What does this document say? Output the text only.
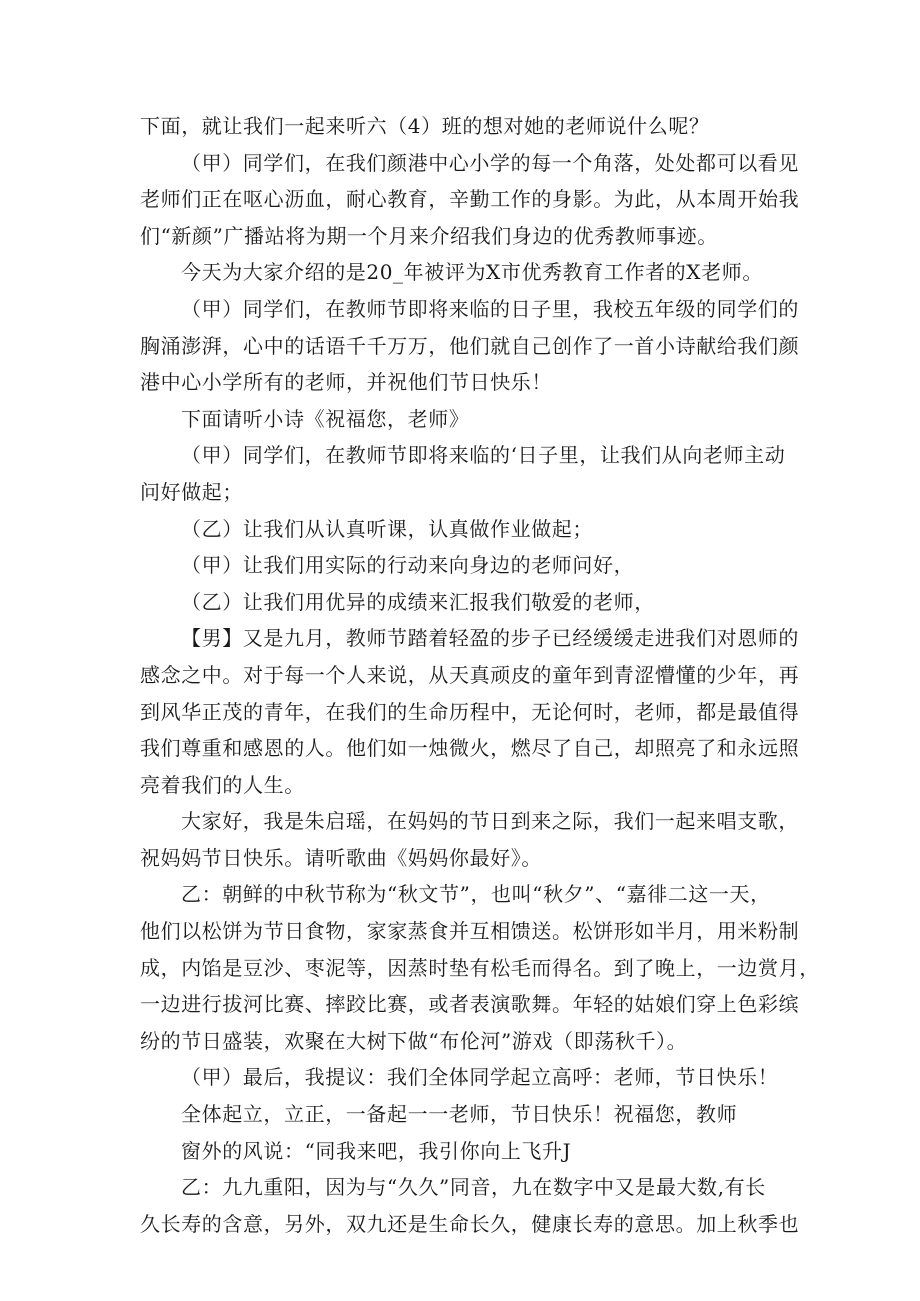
下面，就让我们一起来听六（4）班的想对她的老师说什么呢？
（甲）同学们，在我们颜港中心小学的每一个角落，处处都可以看见
老师们正在呕心沥血，耐心教育，辛勤工作的身影。为此，从本周开始我
们“新颜”广播站将为期一个月来介绍我们身边的优秀教师事迹。
今天为大家介绍的是20_年被评为X市优秀教育工作者的X老师。
（甲）同学们，在教师节即将来临的日子里，我校五年级的同学们的
胸涌澎湃，心中的话语千千万万，他们就自己创作了一首小诗献给我们颜
港中心小学所有的老师，并祝他们节日快乐！
下面请听小诗《祝福您，老师》
（甲）同学们，在教师节即将来临的‘日子里，让我们从向老师主动
问好做起；
（乙）让我们从认真听课，认真做作业做起；
（甲）让我们用实际的行动来向身边的老师问好，
（乙）让我们用优异的成绩来汇报我们敬爱的老师，
【男】又是九月，教师节踏着轻盈的步子已经缓缓走进我们对恩师的
感念之中。对于每一个人来说，从天真顽皮的童年到青涩懵懂的少年，再
到风华正茂的青年，在我们的生命历程中，无论何时，老师，都是最值得
我们尊重和感恩的人。他们如一烛微火，燃尽了自己，却照亮了和永远照
亮着我们的人生。
大家好，我是朱启瑶，在妈妈的节日到来之际，我们一起来唱支歌，
祝妈妈节日快乐。请听歌曲《妈妈你最好》。
乙：朝鲜的中秋节称为“秋文节”，也叫“秋夕”、“嘉徘二这一天，
他们以松饼为节日食物，家家蒸食并互相馈送。松饼形如半月，用米粉制
成，内馅是豆沙、枣泥等，因蒸时垫有松毛而得名。到了晚上，一边赏月，
一边进行拔河比赛、摔跤比赛，或者表演歌舞。年轻的姑娘们穿上色彩缤
纷的节日盛装，欢聚在大树下做“布伦河”游戏（即荡秋千）。
（甲）最后，我提议：我们全体同学起立高呼：老师，节日快乐！
全体起立，立正，一备起一一老师，节日快乐！祝福您，教师
窗外的风说：“同我来吧，我引你向上飞升J
乙：九九重阳，因为与“久久”同音，九在数字中又是最大数,有长
久长寿的含意，另外，双九还是生命长久，健康长寿的意思。加上秋季也
